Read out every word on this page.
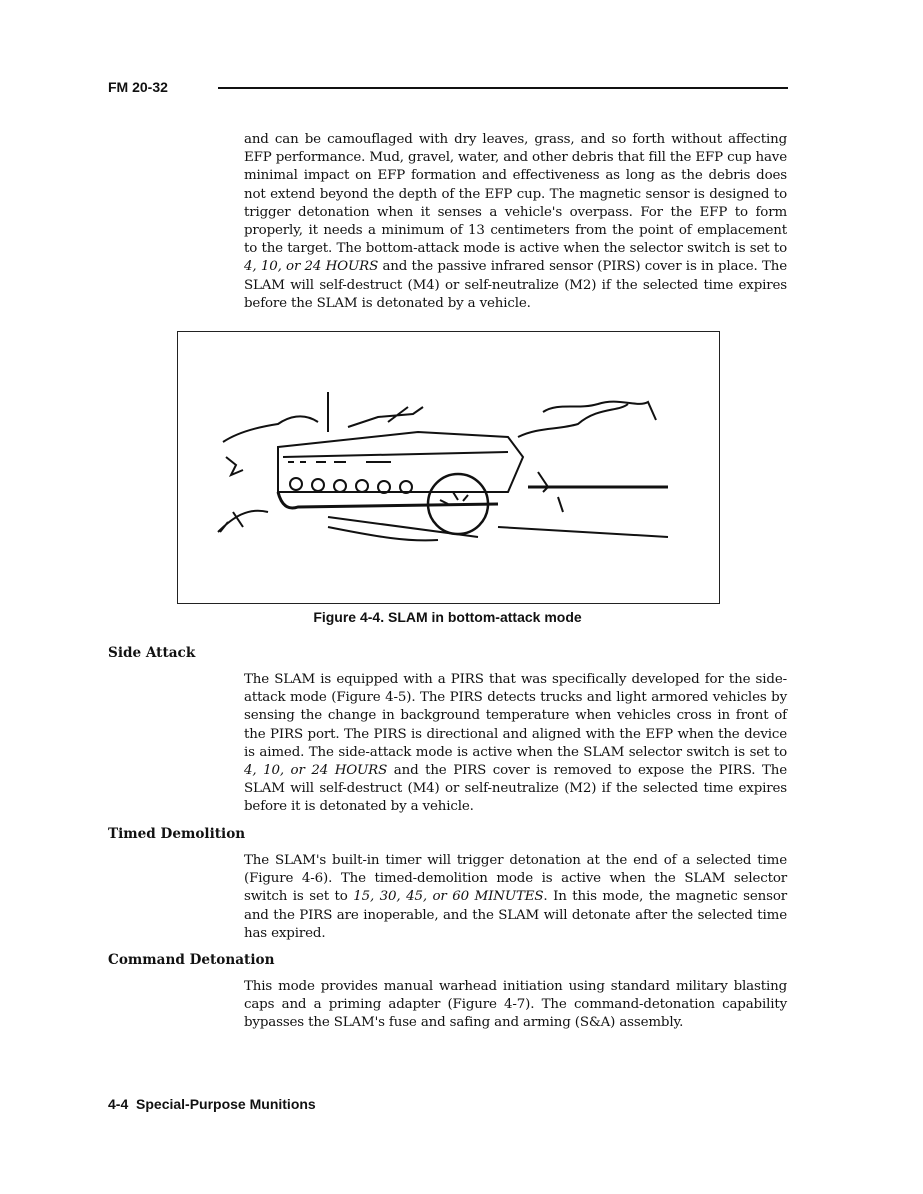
FM 20-32

and can be camouflaged with dry leaves, grass, and so forth without affecting EFP performance. Mud, gravel, water, and other debris that fill the EFP cup have minimal impact on EFP formation and effectiveness as long as the debris does not extend beyond the depth of the EFP cup. The magnetic sensor is designed to trigger detonation when it senses a vehicle's overpass. For the EFP to form properly, it needs a minimum of 13 centimeters from the point of emplacement to the target. The bottom-attack mode is active when the selector switch is set to 4, 10, or 24 HOURS and the passive infrared sensor (PIRS) cover is in place. The SLAM will self-destruct (M4) or self-neutralize (M2) if the selected time expires before the SLAM is detonated by a vehicle.

Figure 4-4. SLAM in bottom-attack mode
Side Attack

The SLAM is equipped with a PIRS that was specifically developed for the side-attack mode (Figure 4-5). The PIRS detects trucks and light armored vehicles by sensing the change in background temperature when vehicles cross in front of the PIRS port. The PIRS is directional and aligned with the EFP when the device is aimed. The side-attack mode is active when the SLAM selector switch is set to 4, 10, or 24 HOURS and the PIRS cover is removed to expose the PIRS. The SLAM will self-destruct (M4) or self-neutralize (M2) if the selected time expires before it is detonated by a vehicle.

Timed Demolition

The SLAM's built-in timer will trigger detonation at the end of a selected time (Figure 4-6). The timed-demolition mode is active when the SLAM selector switch is set to 15, 30, 45, or 60 MINUTES. In this mode, the magnetic sensor and the PIRS are inoperable, and the SLAM will detonate after the selected time has expired.

Command Detonation

This mode provides manual warhead initiation using standard military blasting caps and a priming adapter (Figure 4-7). The command-detonation capability bypasses the SLAM's fuse and safing and arming (S&A) assembly.

4-4  Special-Purpose Munitions
